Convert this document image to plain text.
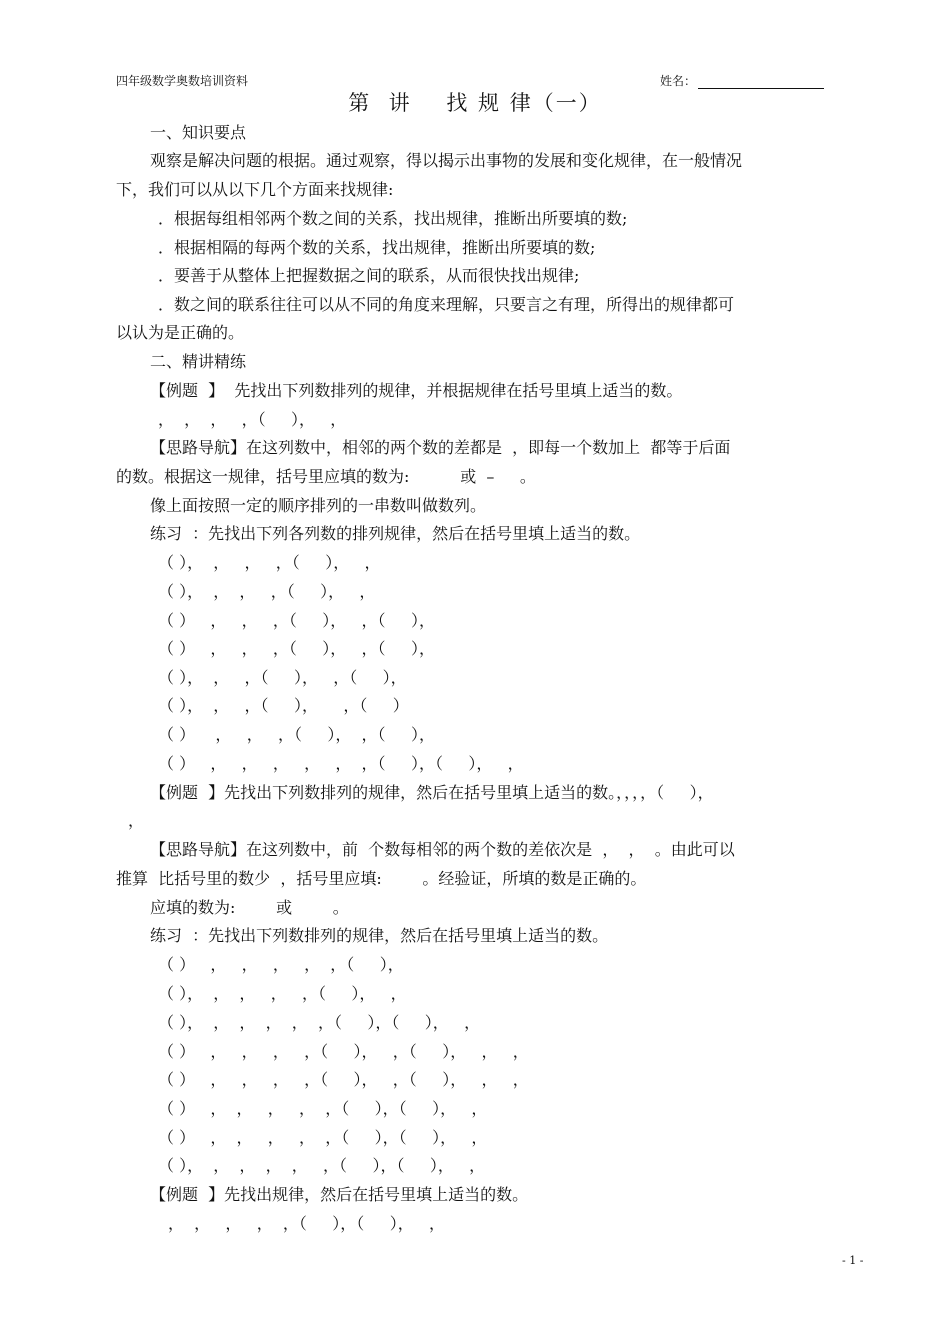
四年级数学奥数培训资料	姓名：
第  讲    找 规 律（一）
一、知识要点
观察是解决问题的根据。通过观察，得以揭示出事物的发展和变化规律，在一般情况
下，我们可以从以下几个方面来找规律:
．根据每组相邻两个数之间的关系，找出规律，推断出所要填的数;
．根据相隔的每两个数的关系，找出规律，推断出所要填的数;
．要善于从整体上把握数据之间的联系，从而很快找出规律;
．数之间的联系往往可以从不同的角度来理解，只要言之有理，所得出的规律都可
以认为是正确的。
二、精讲精练
【例题  】  先找出下列数排列的规律，并根据规律在括号里填上适当的数。
，  ，  ，   ，（     ），   ，
【思路导航】在这列数中，相邻的两个数的差都是  ，即每一个数加上  都等于后面
的数。根据这一规律，括号里应填的数为:          或  –     。
像上面按照一定的顺序排列的一串数叫做数列。
练习  ：先找出下列各列数的排列规律，然后在括号里填上适当的数。
（ ），  ，   ，   ，（     ），   ，
（ ），  ，  ，   ，（     ），   ，
（ ）   ，   ，   ，（     ），   ，（     ），
（ ）   ，   ，   ，（     ），   ，（     ），
（ ），  ，   ，（     ），   ，（     ），
（ ），  ，   ，（     ），     ，（     ）
（ ）    ，   ，   ，（     ），  ，（     ），
（ ）   ，   ，   ，   ，   ，  ，（     ），（     ），   ，
【例题  】先找出下列数排列的规律，然后在括号里填上适当的数。，，，，（     ），
，
【思路导航】在这列数中，前  个数每相邻的两个数的差依次是  ，  ，  。由此可以
推算  比括号里的数少  ，括号里应填:        。经验证，所填的数是正确的。
应填的数为:        或        。
练习  ：先找出下列数排列的规律，然后在括号里填上适当的数。
（ ）   ，   ，   ，   ，  ，（     ），
（ ），  ，  ，   ，   ，（     ），   ，
（ ），  ，  ，  ，  ，  ，（     ），（     ），   ，
（ ）   ，   ，   ，   ，（     ），   ，（     ），   ，   ，
（ ）   ，   ，   ，   ，（     ），   ，（     ），   ，   ，
（ ）   ，  ，   ，   ，  ，（     ），（     ），   ，
（ ）   ，  ，   ，   ，  ，（     ），（     ），   ，
（ ），  ，  ，  ，  ，   ，（     ），（     ），   ，
【例题  】先找出规律，然后在括号里填上适当的数。
，  ，   ，   ，  ，（     ），（     ），   ，
- 1 -
